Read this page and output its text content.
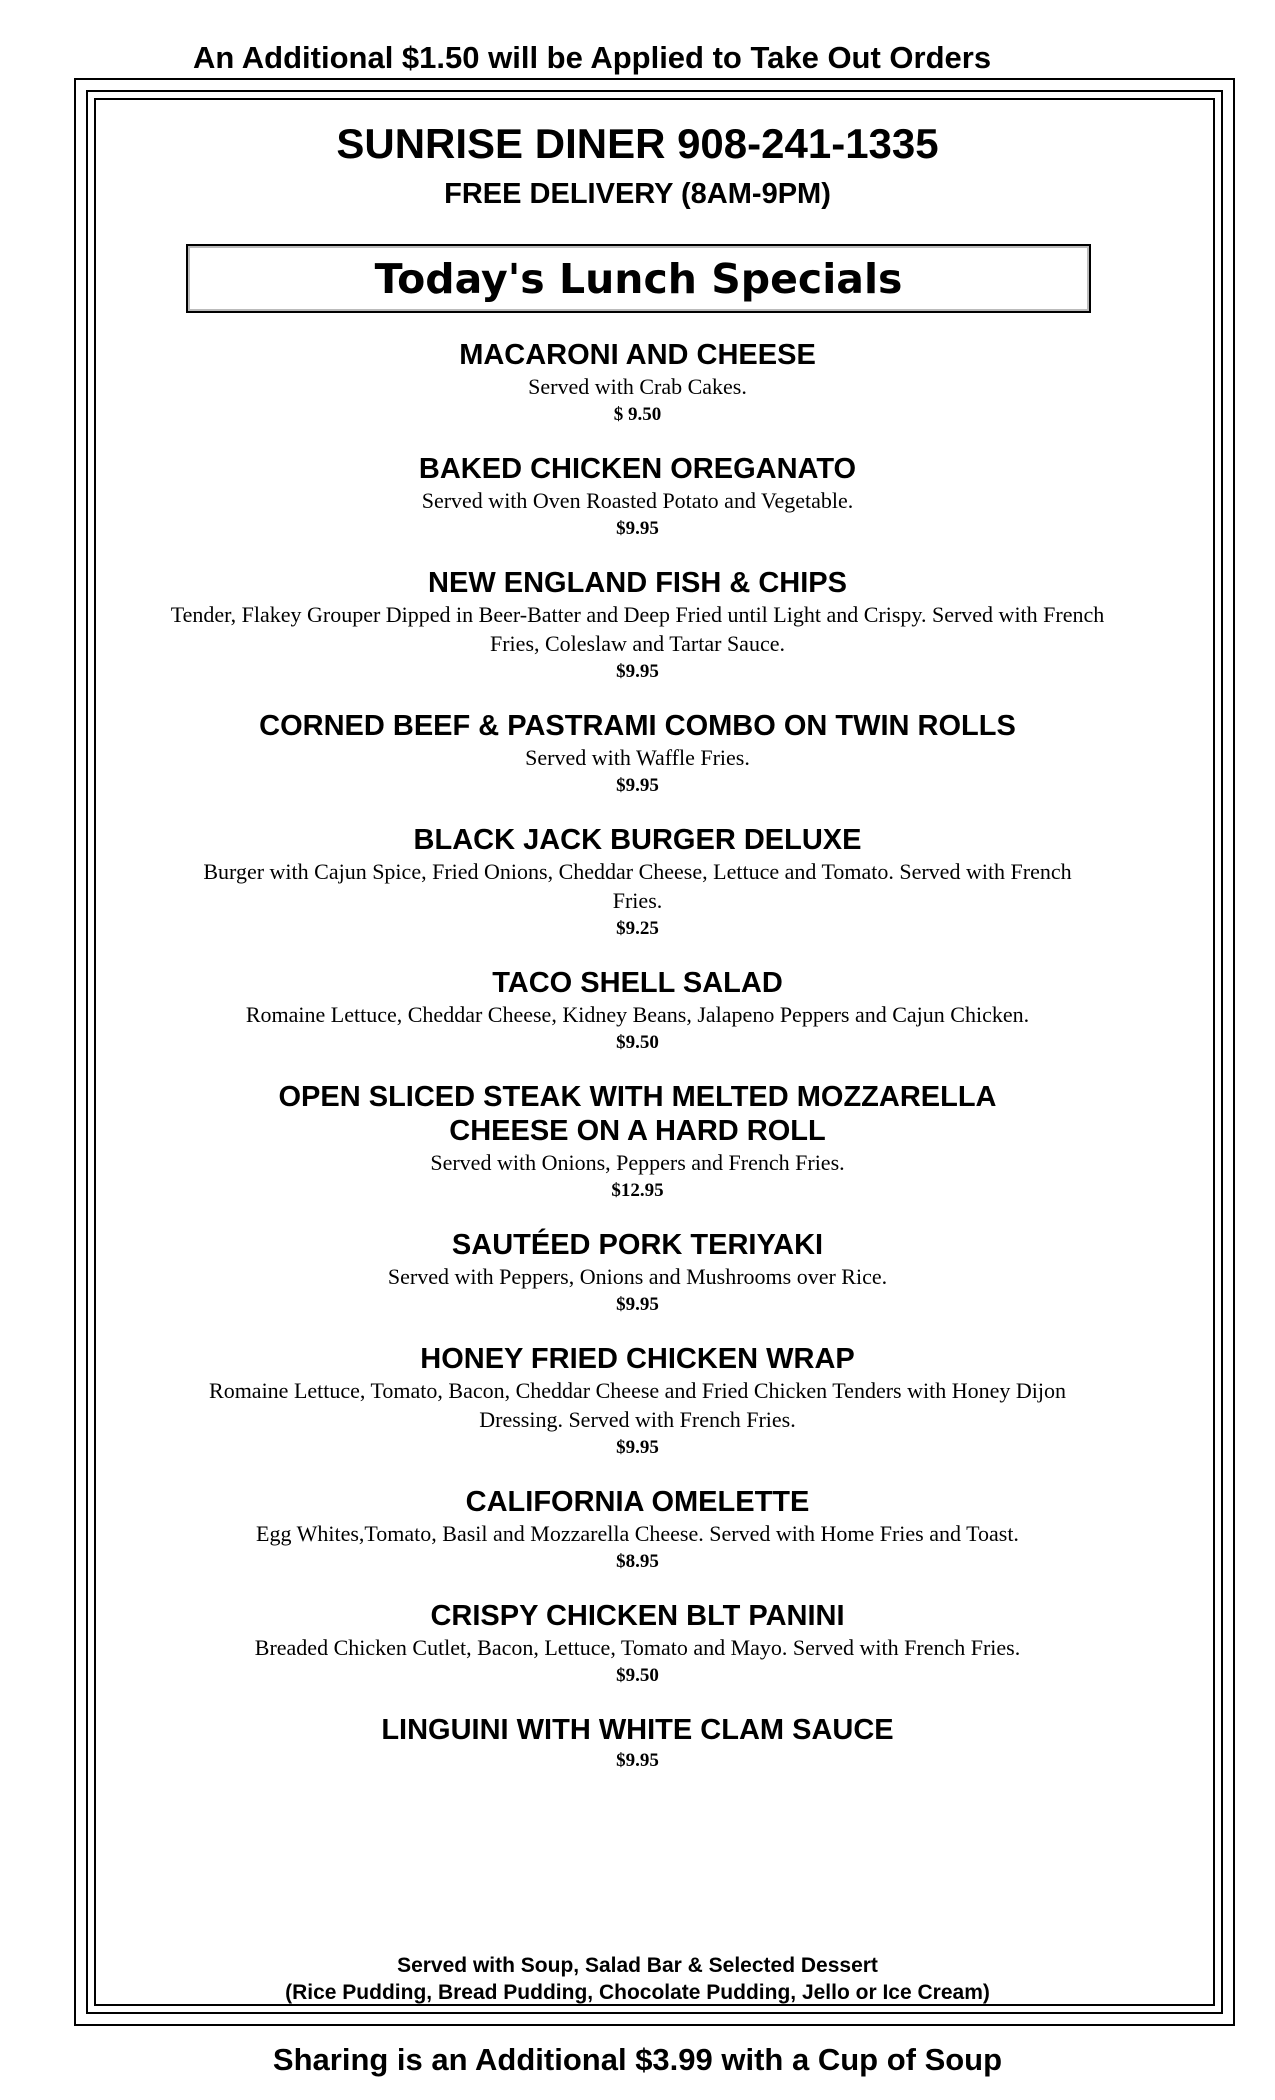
An Additional $1.50 will be Applied to Take Out Orders
SUNRISE DINER 908-241-1335
FREE DELIVERY (8AM-9PM)
Today's Lunch Specials
MACARONI AND CHEESE
Served with Crab Cakes.
$ 9.50
BAKED CHICKEN OREGANATO
Served with Oven Roasted Potato and Vegetable.
$9.95
NEW ENGLAND FISH & CHIPS
Tender, Flakey Grouper Dipped in Beer-Batter and Deep Fried until Light and Crispy. Served with French Fries, Coleslaw and Tartar Sauce.
$9.95
CORNED BEEF & PASTRAMI COMBO ON TWIN ROLLS
Served with Waffle Fries.
$9.95
BLACK JACK BURGER DELUXE
Burger with Cajun Spice, Fried Onions, Cheddar Cheese, Lettuce and Tomato. Served with French Fries.
$9.25
TACO SHELL SALAD
Romaine Lettuce, Cheddar Cheese, Kidney Beans, Jalapeno Peppers and Cajun Chicken.
$9.50
OPEN SLICED STEAK WITH MELTED MOZZARELLA CHEESE ON A HARD ROLL
Served with Onions, Peppers and French Fries.
$12.95
SAUTÉED PORK TERIYAKI
Served with Peppers, Onions and Mushrooms over Rice.
$9.95
HONEY FRIED CHICKEN WRAP
Romaine Lettuce, Tomato, Bacon, Cheddar Cheese and Fried Chicken Tenders with Honey Dijon Dressing. Served with French Fries.
$9.95
CALIFORNIA OMELETTE
Egg Whites,Tomato, Basil and Mozzarella Cheese. Served with Home Fries and Toast.
$8.95
CRISPY CHICKEN BLT PANINI
Breaded Chicken Cutlet, Bacon, Lettuce, Tomato and Mayo. Served with French Fries.
$9.50
LINGUINI WITH WHITE CLAM SAUCE
$9.95
Served with Soup, Salad Bar & Selected Dessert
(Rice Pudding, Bread Pudding, Chocolate Pudding, Jello or Ice Cream)
Sharing is an Additional $3.99 with a Cup of Soup
